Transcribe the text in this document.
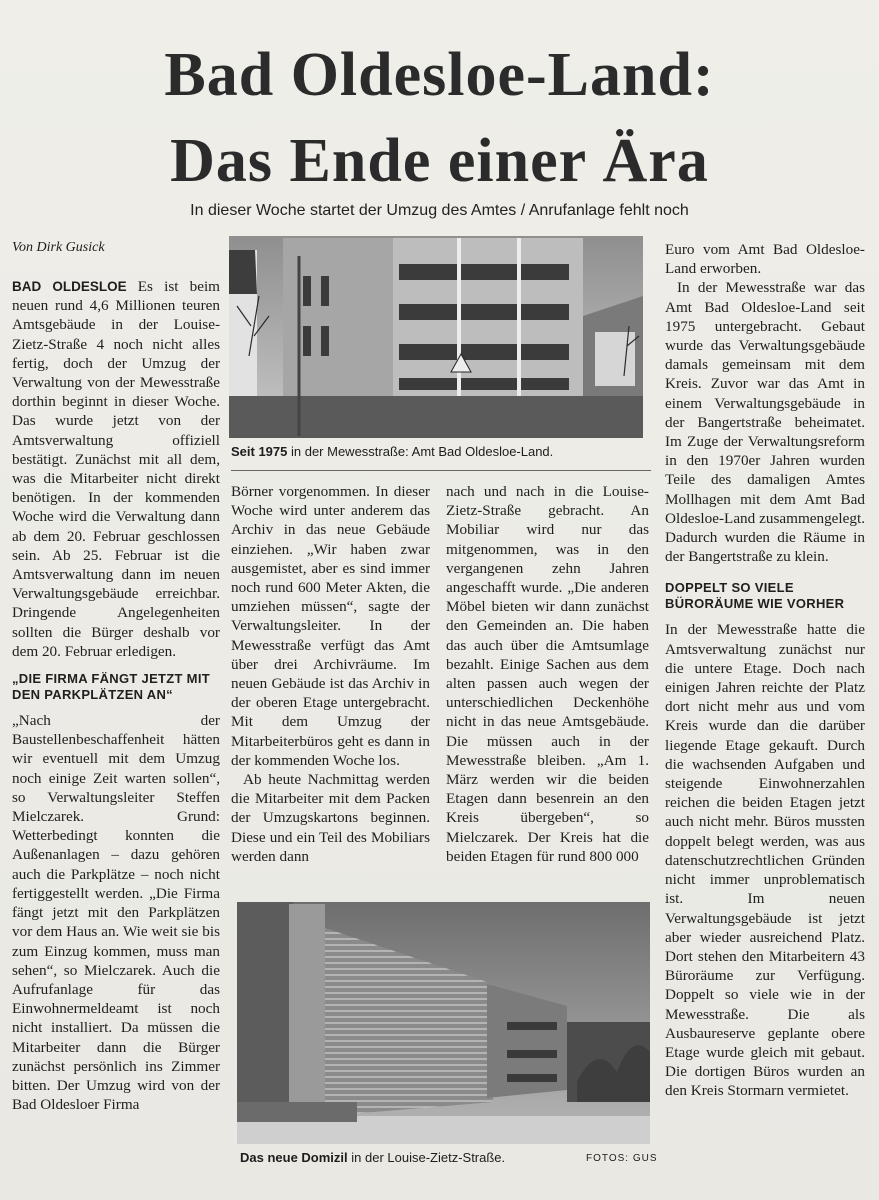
Bad Oldesloe-Land:
Das Ende einer Ära
In dieser Woche startet der Umzug des Amtes / Anrufanlage fehlt noch
Von Dirk Gusick
Seit 1975 in der Mewesstraße: Amt Bad Oldesloe-Land.

BAD OLDESLOE Es ist beim neuen rund 4,6 Millionen teuren Amtsgebäude in der Louise-Zietz-Straße 4 noch nicht alles fertig, doch der Umzug der Verwaltung von der Mewesstraße dorthin beginnt in dieser Woche. Das wurde jetzt von der Amtsverwaltung offiziell bestätigt. Zunächst mit all dem, was die Mitarbeiter nicht direkt benötigen. In der kommenden Woche wird die Verwaltung dann ab dem 20. Februar geschlossen sein. Ab 25. Februar ist die Amtsverwaltung dann im neuen Verwaltungsgebäude erreichbar. Dringende Angelegenheiten sollten die Bürger deshalb vor dem 20. Februar erledigen.

„DIE FIRMA FÄNGT JETZT MIT DEN PARKPLÄTZEN AN“

„Nach der Baustellenbeschaffenheit hätten wir eventuell mit dem Umzug noch einige Zeit warten sollen“, so Verwaltungsleiter Steffen Mielczarek. Grund: Wetterbedingt konnten die Außenanlagen – dazu gehören auch die Parkplätze – noch nicht fertiggestellt werden. „Die Firma fängt jetzt mit den Parkplätzen vor dem Haus an. Wie weit sie bis zum Einzug kommen, muss man sehen“, so Mielczarek. Auch die Aufrufanlage für das Einwohnermeldeamt ist noch nicht installiert. Da müssen die Mitarbeiter dann die Bürger zunächst persönlich ins Zimmer bitten. Der Umzug wird von der Bad Oldesloer Firma

Börner vorgenommen. In dieser Woche wird unter anderem das Archiv in das neue Gebäude einziehen. „Wir haben zwar ausgemistet, aber es sind immer noch rund 600 Meter Akten, die umziehen müssen“, sagte der Verwaltungsleiter. In der Mewesstraße verfügt das Amt über drei Archivräume. Im neuen Gebäude ist das Archiv in der oberen Etage untergebracht. Mit dem Umzug der Mitarbeiterbüros geht es dann in der kommenden Woche los.

Ab heute Nachmittag werden die Mitarbeiter mit dem Packen der Umzugskartons beginnen. Diese und ein Teil des Mobiliars werden dann

nach und nach in die Louise-Zietz-Straße gebracht. An Mobiliar wird nur das mitgenommen, was in den vergangenen zehn Jahren angeschafft wurde. „Die anderen Möbel bieten wir dann zunächst den Gemeinden an. Die haben das auch über die Amtsumlage bezahlt. Einige Sachen aus dem alten passen auch wegen der unterschiedlichen Deckenhöhe nicht in das neue Amtsgebäude. Die müssen auch in der Mewesstraße bleiben. „Am 1. März werden wir die beiden Etagen dann besenrein an den Kreis übergeben“, so Mielczarek. Der Kreis hat die beiden Etagen für rund 800 000

Euro vom Amt Bad Oldesloe-Land erworben.

In der Mewesstraße war das Amt Bad Oldesloe-Land seit 1975 untergebracht. Gebaut wurde das Verwaltungsgebäude damals gemeinsam mit dem Kreis. Zuvor war das Amt in einem Verwaltungsgebäude in der Bangertstraße beheimatet. Im Zuge der Verwaltungsreform in den 1970er Jahren wurden Teile des damaligen Amtes Mollhagen mit dem Amt Bad Oldesloe-Land zusammengelegt. Dadurch wurden die Räume in der Bangertstraße zu klein.

DOPPELT SO VIELE BÜRORÄUME WIE VORHER

In der Mewesstraße hatte die Amtsverwaltung zunächst nur die untere Etage. Doch nach einigen Jahren reichte der Platz dort nicht mehr aus und vom Kreis wurde dan die darüber liegende Etage gekauft. Durch die wachsenden Aufgaben und steigende Einwohnerzahlen reichen die beiden Etagen jetzt auch nicht mehr. Büros mussten doppelt belegt werden, was aus datenschutzrechtlichen Gründen nicht immer unproblematisch ist. Im neuen Verwaltungsgebäude ist jetzt aber wieder ausreichend Platz. Dort stehen den Mitarbeitern 43 Büroräume zur Verfügung. Doppelt so viele wie in der Mewesstraße. Die als Ausbaureserve geplante obere Etage wurde gleich mit gebaut. Die dortigen Büros wurden an den Kreis Stormarn vermietet.

Das neue Domizil in der Louise-Zietz-Straße.	FOTOS: GUS
